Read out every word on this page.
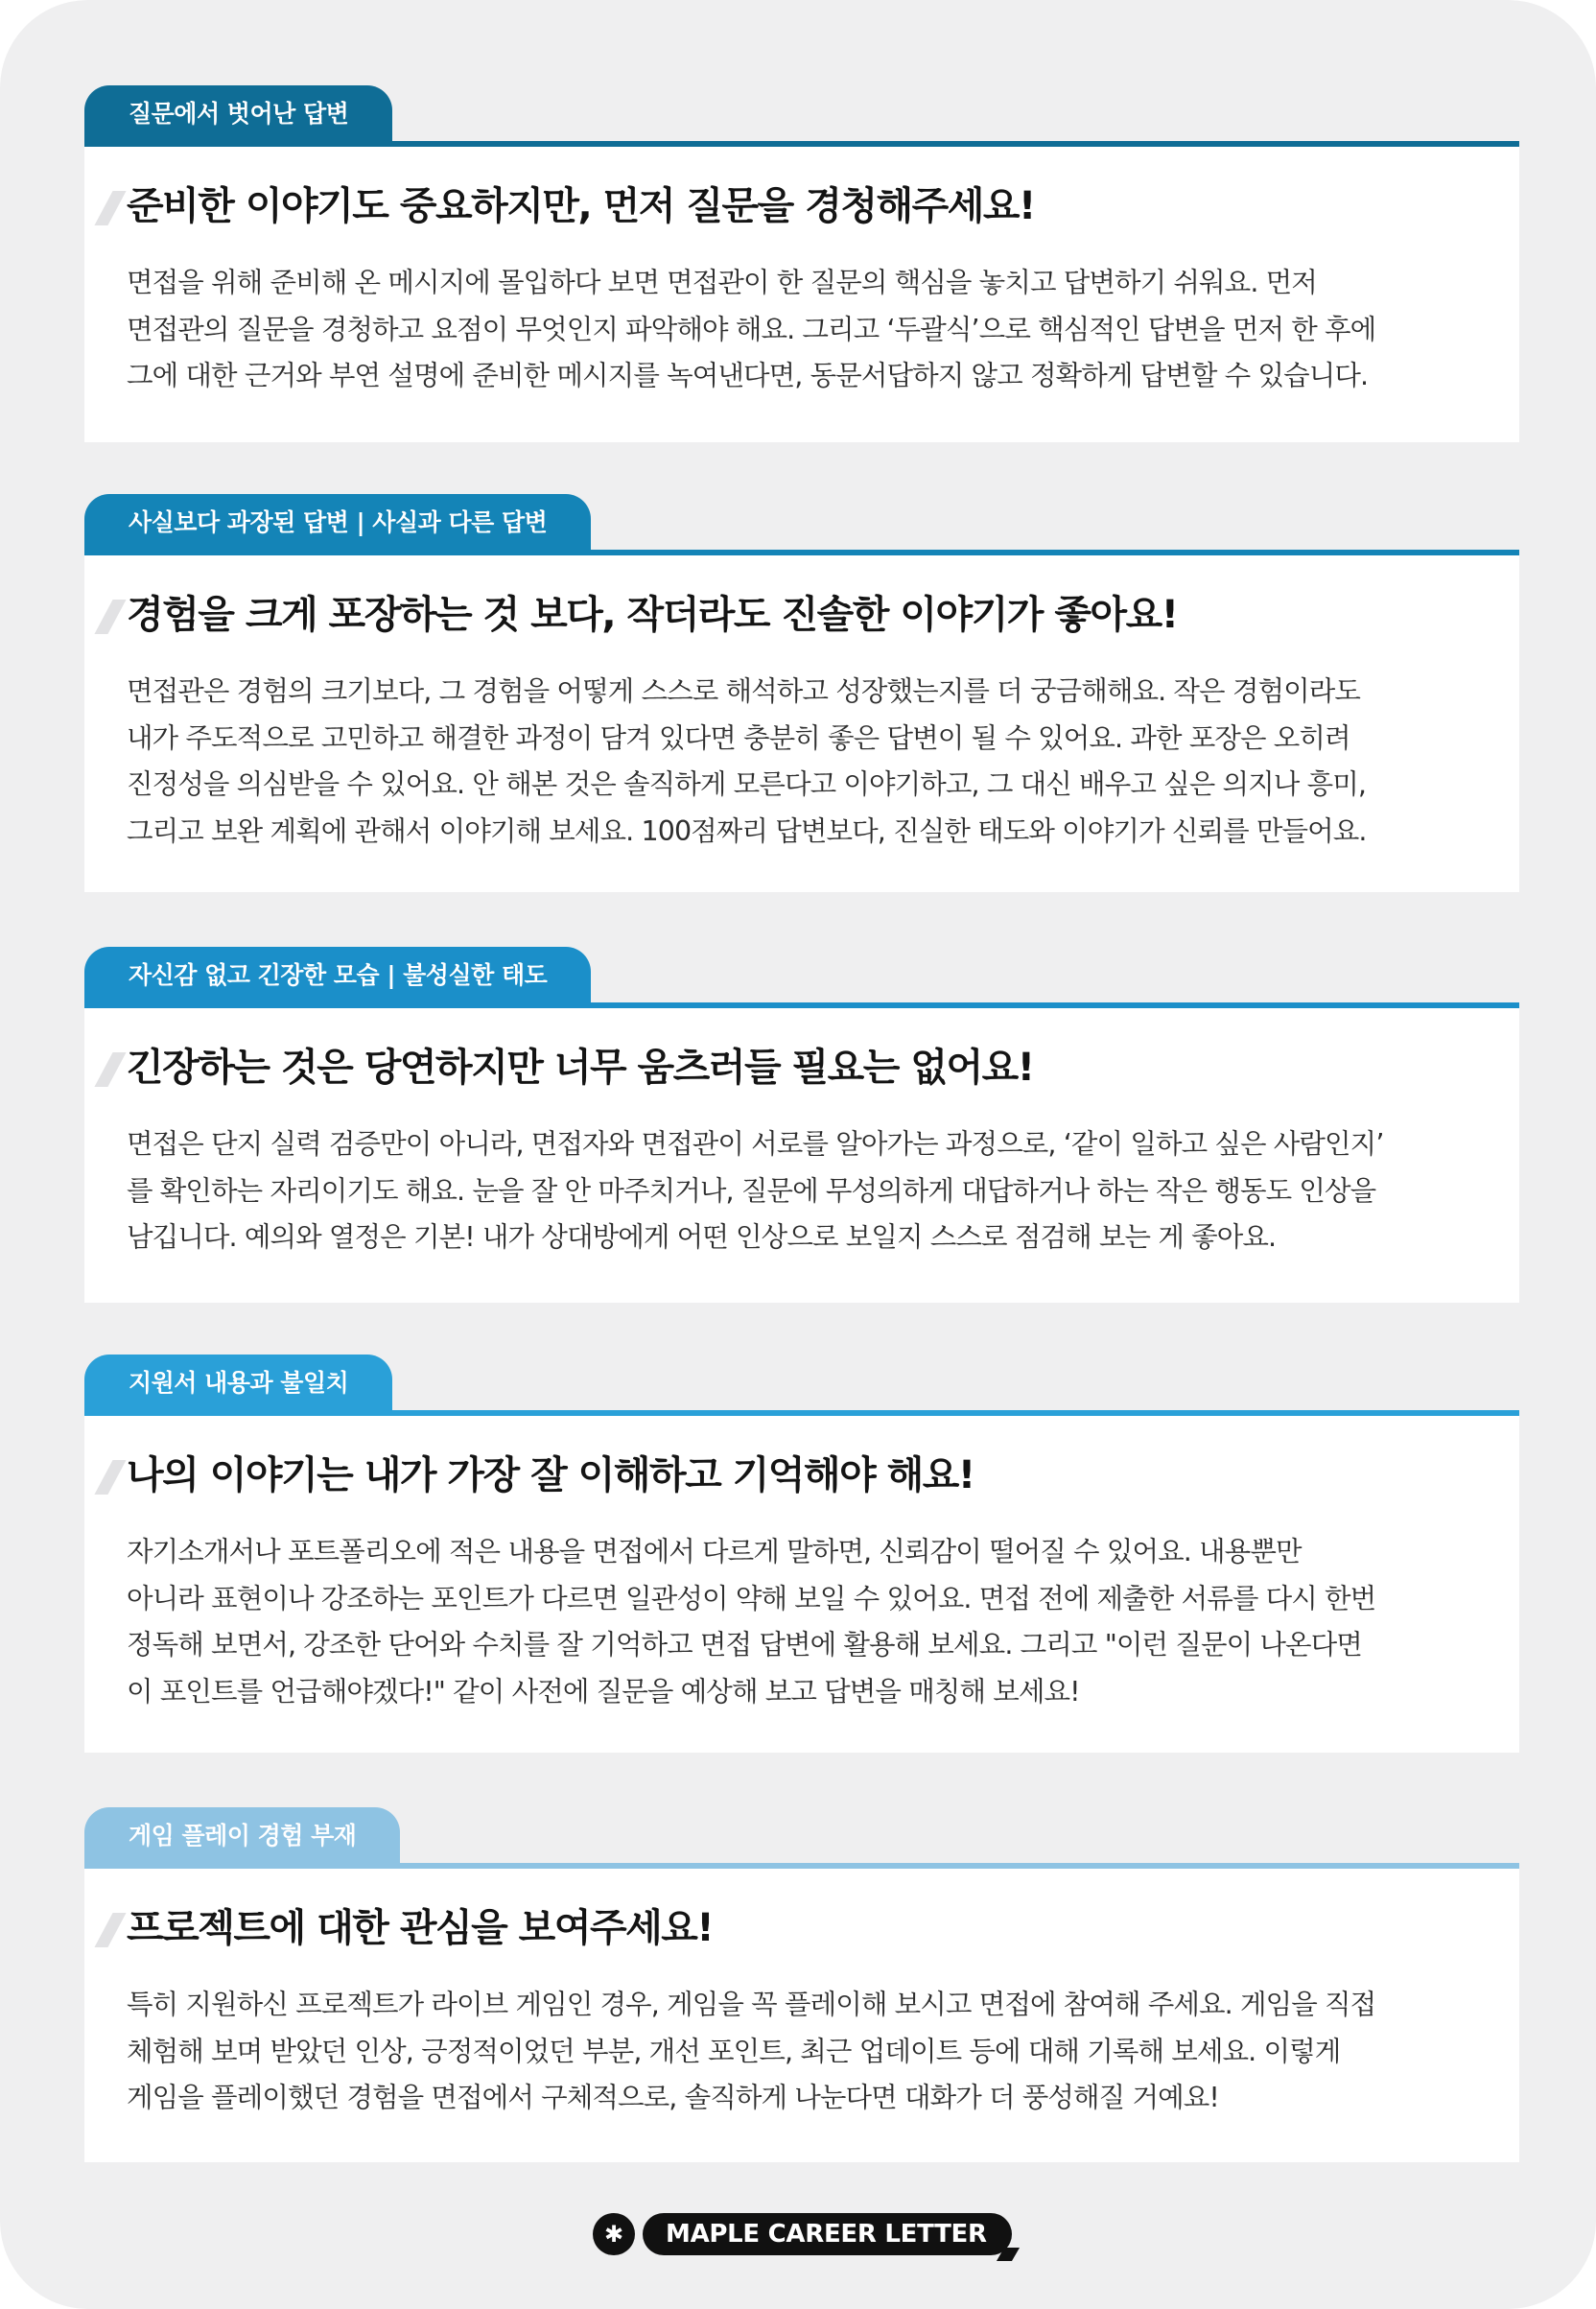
질문에서 벗어난 답변
준비한 이야기도 중요하지만, 먼저 질문을 경청해주세요!

면접을 위해 준비해 온 메시지에 몰입하다 보면 면접관이 한 질문의 핵심을 놓치고 답변하기 쉬워요. 먼저
면접관의 질문을 경청하고 요점이 무엇인지 파악해야 해요. 그리고 ‘두괄식’으로 핵심적인 답변을 먼저 한 후에
그에 대한 근거와 부연 설명에 준비한 메시지를 녹여낸다면, 동문서답하지 않고 정확하게 답변할 수 있습니다.

사실보다 과장된 답변 | 사실과 다른 답변
경험을 크게 포장하는 것 보다, 작더라도 진솔한 이야기가 좋아요!

면접관은 경험의 크기보다, 그 경험을 어떻게 스스로 해석하고 성장했는지를 더 궁금해해요. 작은 경험이라도
내가 주도적으로 고민하고 해결한 과정이 담겨 있다면 충분히 좋은 답변이 될 수 있어요. 과한 포장은 오히려
진정성을 의심받을 수 있어요. 안 해본 것은 솔직하게 모른다고 이야기하고, 그 대신 배우고 싶은 의지나 흥미,
그리고 보완 계획에 관해서 이야기해 보세요. 100점짜리 답변보다, 진실한 태도와 이야기가 신뢰를 만들어요.

자신감 없고 긴장한 모습 | 불성실한 태도
긴장하는 것은 당연하지만 너무 움츠러들 필요는 없어요!

면접은 단지 실력 검증만이 아니라, 면접자와 면접관이 서로를 알아가는 과정으로, ‘같이 일하고 싶은 사람인지’
를 확인하는 자리이기도 해요. 눈을 잘 안 마주치거나, 질문에 무성의하게 대답하거나 하는 작은 행동도 인상을
남깁니다. 예의와 열정은 기본! 내가 상대방에게 어떤 인상으로 보일지 스스로 점검해 보는 게 좋아요.

지원서 내용과 불일치
나의 이야기는 내가 가장 잘 이해하고 기억해야 해요!

자기소개서나 포트폴리오에 적은 내용을 면접에서 다르게 말하면, 신뢰감이 떨어질 수 있어요. 내용뿐만
아니라 표현이나 강조하는 포인트가 다르면 일관성이 약해 보일 수 있어요. 면접 전에 제출한 서류를 다시 한번
정독해 보면서, 강조한 단어와 수치를 잘 기억하고 면접 답변에 활용해 보세요. 그리고 "이런 질문이 나온다면
이 포인트를 언급해야겠다!" 같이 사전에 질문을 예상해 보고 답변을 매칭해 보세요!

게임 플레이 경험 부재
프로젝트에 대한 관심을 보여주세요!

특히 지원하신 프로젝트가 라이브 게임인 경우, 게임을 꼭 플레이해 보시고 면접에 참여해 주세요. 게임을 직접
체험해 보며 받았던 인상, 긍정적이었던 부분, 개선 포인트, 최근 업데이트 등에 대해 기록해 보세요. 이렇게
게임을 플레이했던 경험을 면접에서 구체적으로, 솔직하게 나눈다면 대화가 더 풍성해질 거예요!

✱	MAPLE CAREER LETTER
